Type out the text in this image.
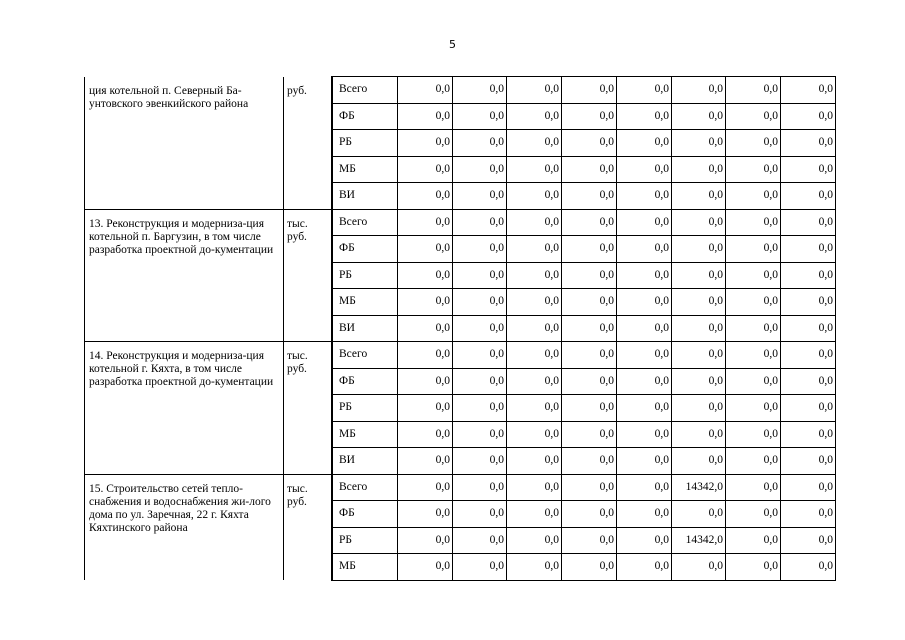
5
ция котельной п. Северный Ба-унтовского эвенкийского района	руб.	Всего	0,0	0,0	0,0	0,0	0,0	0,0	0,0	0,0
		ФБ	0,0	0,0	0,0	0,0	0,0	0,0	0,0	0,0
		РБ	0,0	0,0	0,0	0,0	0,0	0,0	0,0	0,0
		МБ	0,0	0,0	0,0	0,0	0,0	0,0	0,0	0,0
		ВИ	0,0	0,0	0,0	0,0	0,0	0,0	0,0	0,0
13. Реконструкция и модерниза-ция котельной п. Баргузин, в том числе разработка проектной до-кументации	тыс. руб.	Всего	0,0	0,0	0,0	0,0	0,0	0,0	0,0	0,0
		ФБ	0,0	0,0	0,0	0,0	0,0	0,0	0,0	0,0
		РБ	0,0	0,0	0,0	0,0	0,0	0,0	0,0	0,0
		МБ	0,0	0,0	0,0	0,0	0,0	0,0	0,0	0,0
		ВИ	0,0	0,0	0,0	0,0	0,0	0,0	0,0	0,0
14. Реконструкция и модерниза-ция котельной г. Кяхта, в том числе разработка проектной до-кументации	тыс. руб.	Всего	0,0	0,0	0,0	0,0	0,0	0,0	0,0	0,0
		ФБ	0,0	0,0	0,0	0,0	0,0	0,0	0,0	0,0
		РБ	0,0	0,0	0,0	0,0	0,0	0,0	0,0	0,0
		МБ	0,0	0,0	0,0	0,0	0,0	0,0	0,0	0,0
		ВИ	0,0	0,0	0,0	0,0	0,0	0,0	0,0	0,0
15. Строительство сетей тепло-снабжения и водоснабжения жи-лого дома по ул. Заречная, 22 г. Кяхта Кяхтинского района	тыс. руб.	Всего	0,0	0,0	0,0	0,0	0,0	14342,0	0,0	0,0
		ФБ	0,0	0,0	0,0	0,0	0,0	0,0	0,0	0,0
		РБ	0,0	0,0	0,0	0,0	0,0	14342,0	0,0	0,0
		МБ	0,0	0,0	0,0	0,0	0,0	0,0	0,0	0,0
